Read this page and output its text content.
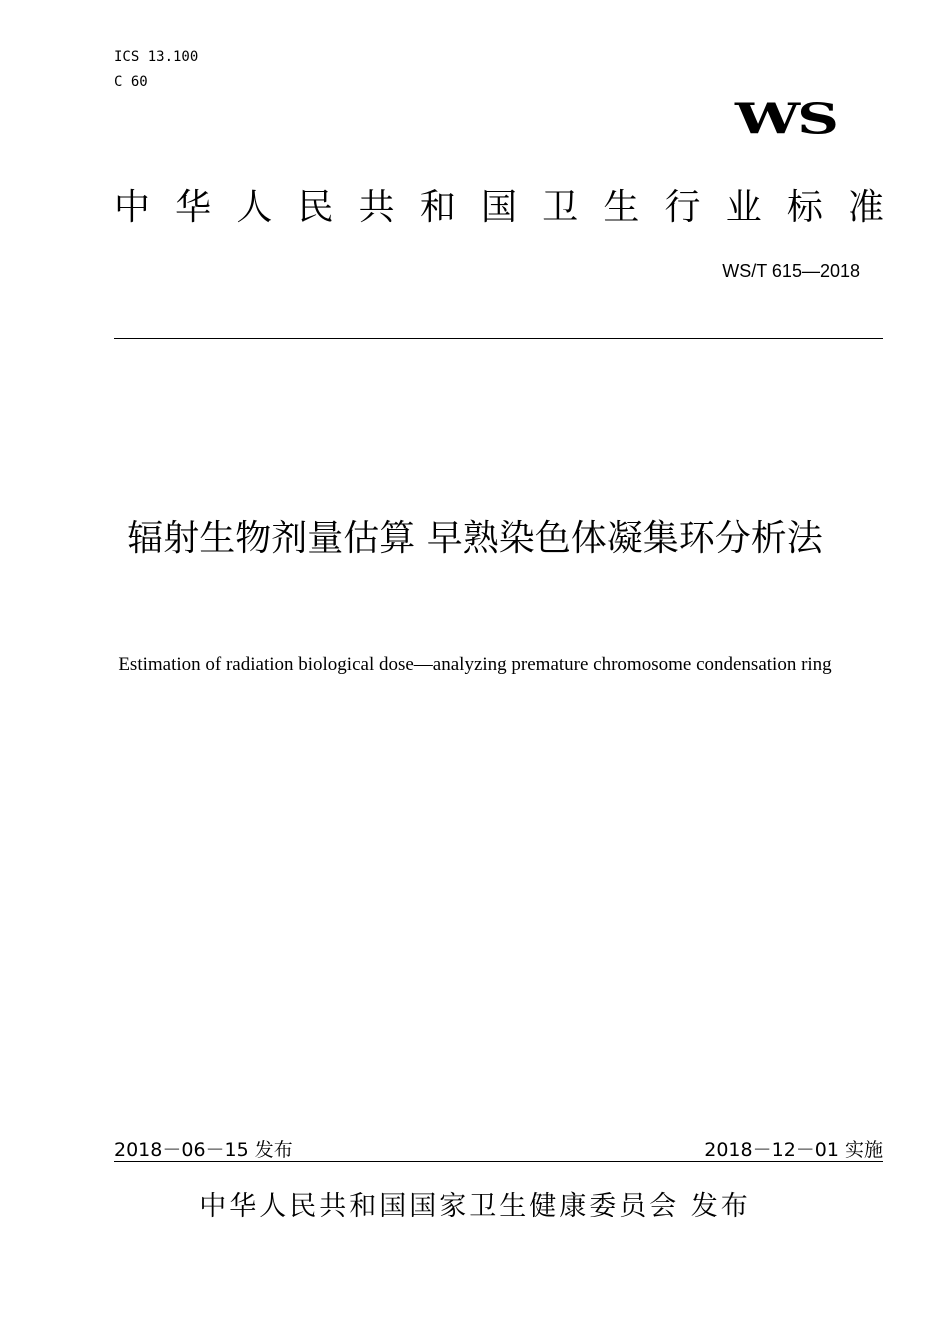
ICS 13.100
C 60
WS
中 华 人 民 共 和 国 卫 生 行 业 标 准
WS/T 615—2018
辐射生物剂量估算 早熟染色体凝集环分析法
Estimation of radiation biological dose—analyzing premature chromosome condensation ring
2018－06－15 发布	2018－12－01 实施
中华人民共和国国家卫生健康委员会 发布
